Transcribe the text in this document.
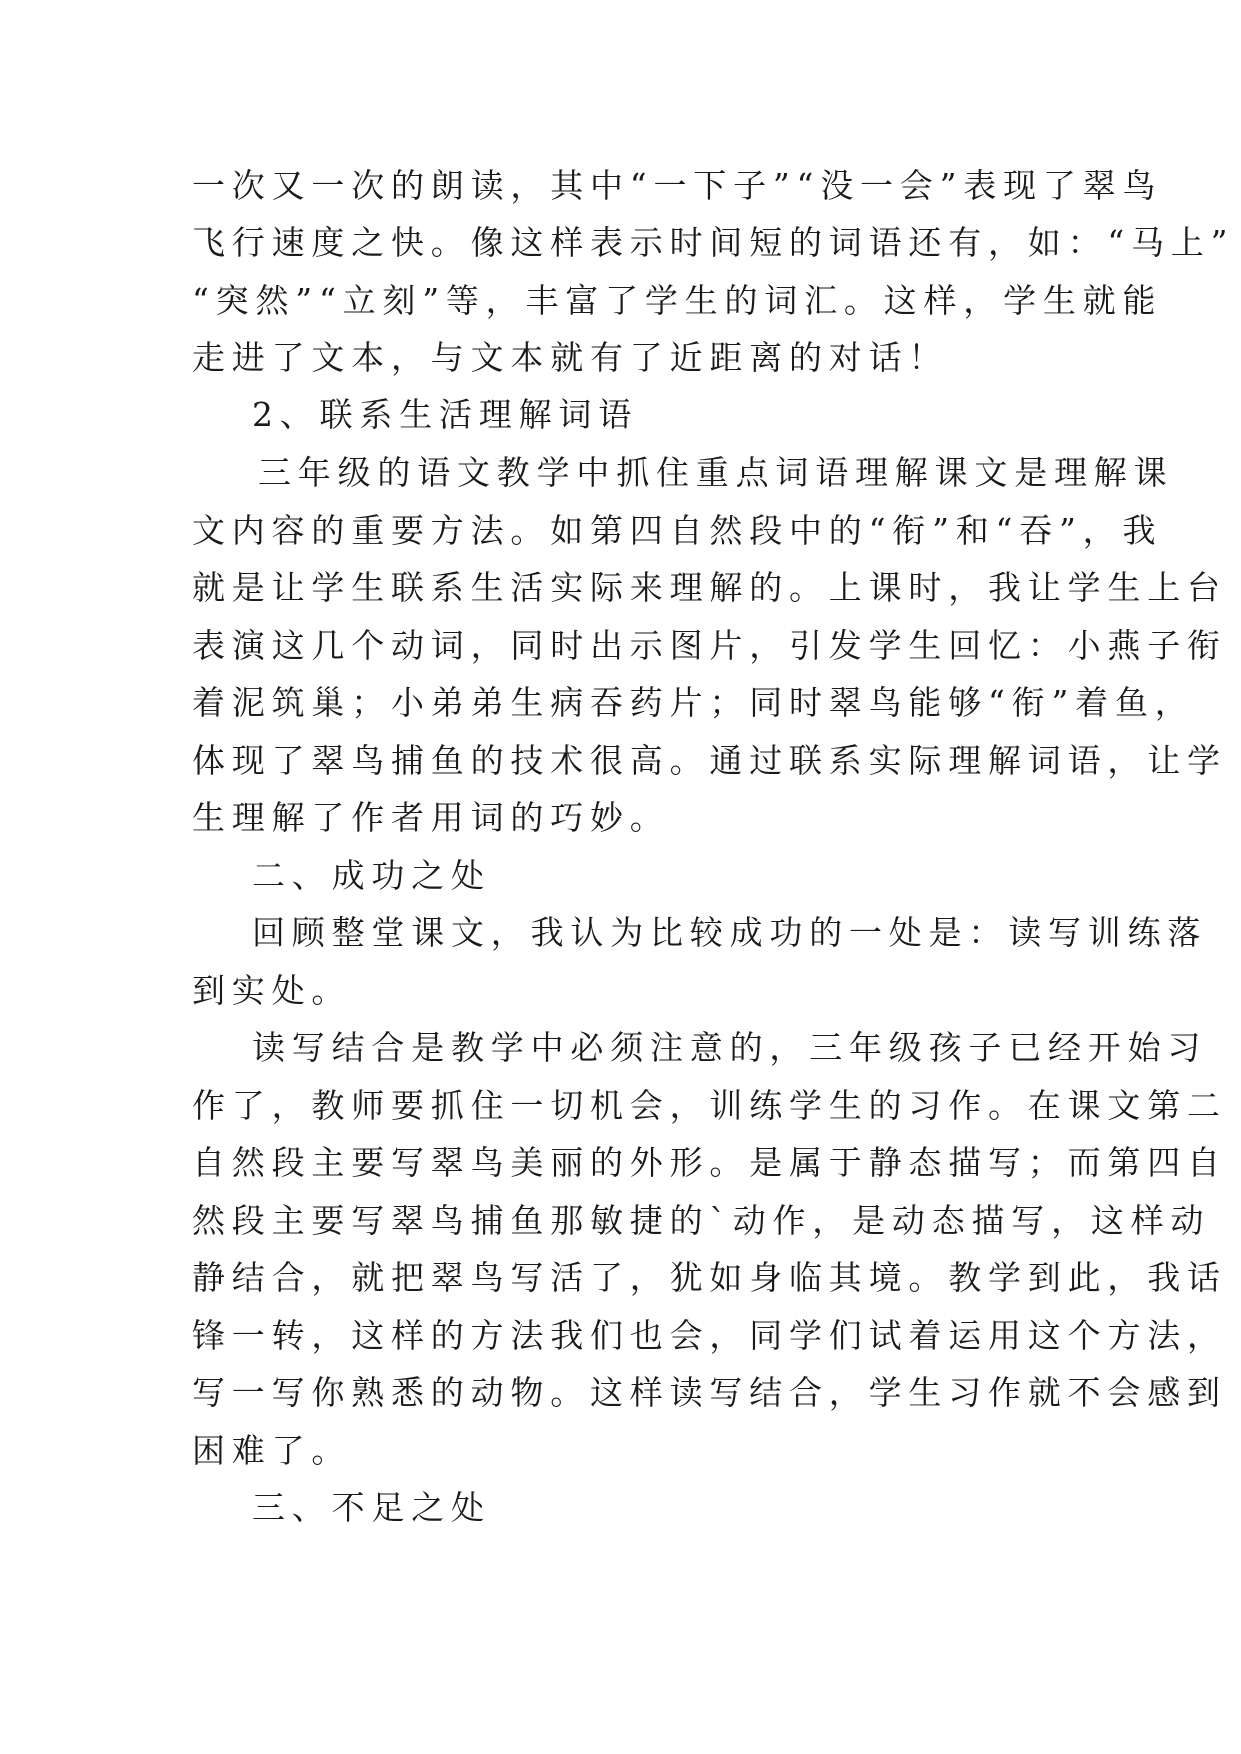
一次又一次的朗读，其中“一下子”“没一会”表现了翠鸟
飞行速度之快。像这样表示时间短的词语还有，如：“马上”
“突然”“立刻”等，丰富了学生的词汇。这样，学生就能
走进了文本，与文本就有了近距离的对话！
2、联系生活理解词语
三年级的语文教学中抓住重点词语理解课文是理解课
文内容的重要方法。如第四自然段中的“衔”和“吞”，我
就是让学生联系生活实际来理解的。上课时，我让学生上台
表演这几个动词，同时出示图片，引发学生回忆：小燕子衔
着泥筑巢；小弟弟生病吞药片；同时翠鸟能够“衔”着鱼，
体现了翠鸟捕鱼的技术很高。通过联系实际理解词语，让学
生理解了作者用词的巧妙。
二、成功之处
回顾整堂课文，我认为比较成功的一处是：读写训练落
到实处。
读写结合是教学中必须注意的，三年级孩子已经开始习
作了，教师要抓住一切机会，训练学生的习作。在课文第二
自然段主要写翠鸟美丽的外形。是属于静态描写；而第四自
然段主要写翠鸟捕鱼那敏捷的`动作，是动态描写，这样动
静结合，就把翠鸟写活了，犹如身临其境。教学到此，我话
锋一转，这样的方法我们也会，同学们试着运用这个方法，
写一写你熟悉的动物。这样读写结合，学生习作就不会感到
困难了。
三、不足之处
